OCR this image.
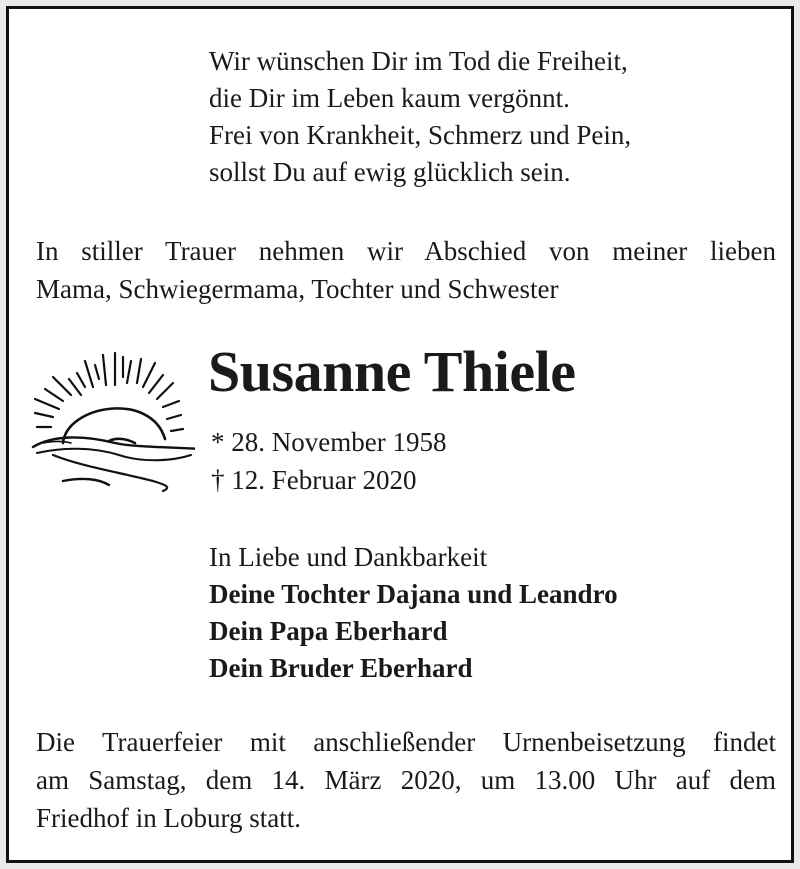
Wir wünschen Dir im Tod die Freiheit,
die Dir im Leben kaum vergönnt.
Frei von Krankheit, Schmerz und Pein,
sollst Du auf ewig glücklich sein.
In stiller Trauer nehmen wir Abschied von meiner lieben
Mama, Schwiegermama, Tochter und Schwester
Susanne Thiele
* 28. November 1958
† 12. Februar 2020
In Liebe und Dankbarkeit
Deine Tochter Dajana und Leandro
Dein Papa Eberhard
Dein Bruder Eberhard
Die Trauerfeier mit anschließender Urnenbeisetzung findet
am Samstag, dem 14. März 2020, um 13.00 Uhr auf dem
Friedhof in Loburg statt.
